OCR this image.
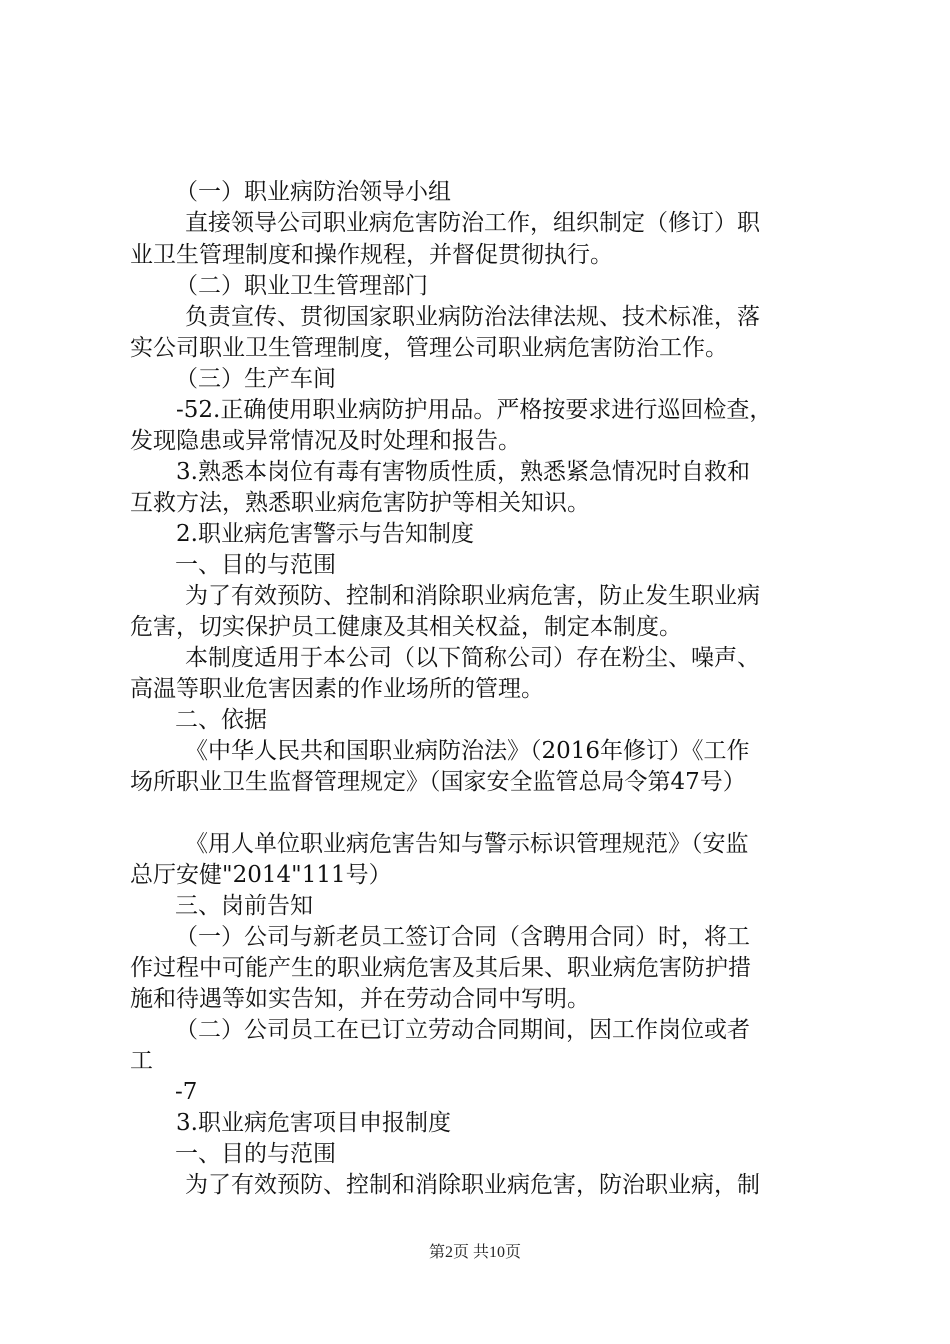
（一）职业病防治领导小组
直接领导公司职业病危害防治工作，组织制定（修订）职
业卫生管理制度和操作规程，并督促贯彻执行。
（二）职业卫生管理部门
负责宣传、贯彻国家职业病防治法律法规、技术标准，落
实公司职业卫生管理制度，管理公司职业病危害防治工作。
（三）生产车间
-52.正确使用职业病防护用品。严格按要求进行巡回检查，
发现隐患或异常情况及时处理和报告。
3.熟悉本岗位有毒有害物质性质，熟悉紧急情况时自救和
互救方法，熟悉职业病危害防护等相关知识。
2.职业病危害警示与告知制度
一、目的与范围
为了有效预防、控制和消除职业病危害，防止发生职业病
危害，切实保护员工健康及其相关权益，制定本制度。
本制度适用于本公司（以下简称公司）存在粉尘、噪声、
高温等职业危害因素的作业场所的管理。
二、依据
《中华人民共和国职业病防治法》（2016年修订）《工作
场所职业卫生监督管理规定》（国家安全监管总局令第47号）
《用人单位职业病危害告知与警示标识管理规范》（安监
总厅安健"2014"111号）
三、岗前告知
（一）公司与新老员工签订合同（含聘用合同）时，将工
作过程中可能产生的职业病危害及其后果、职业病危害防护措
施和待遇等如实告知，并在劳动合同中写明。
（二）公司员工在已订立劳动合同期间，因工作岗位或者
工
-7
3.职业病危害项目申报制度
一、目的与范围
为了有效预防、控制和消除职业病危害，防治职业病，制
第2页 共10页
